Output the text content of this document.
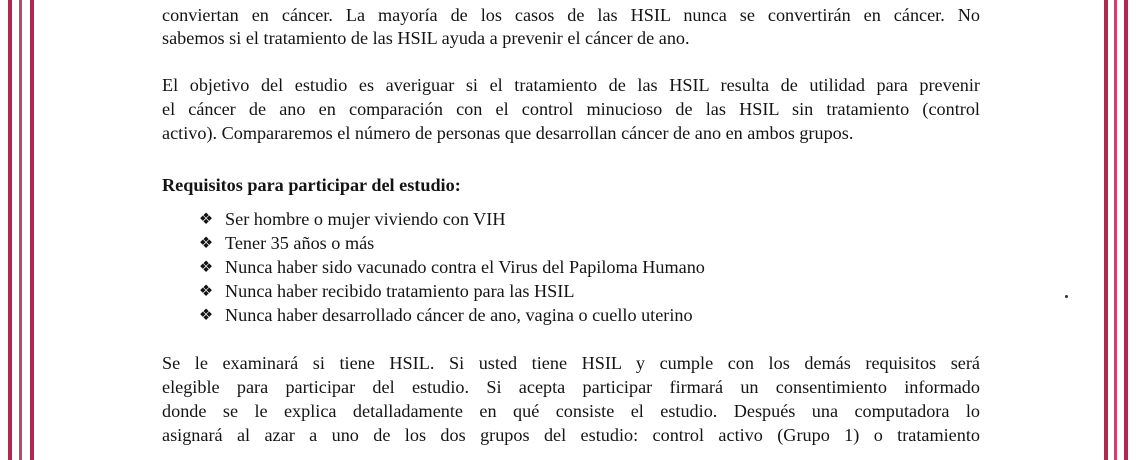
conviertan en cáncer. La mayoría de los casos de las HSIL nunca se convertirán en cáncer. No
sabemos si el tratamiento de las HSIL ayuda a prevenir el cáncer de ano.
El objetivo del estudio es averiguar si el tratamiento de las HSIL resulta de utilidad para prevenir
el cáncer de ano en comparación con el control minucioso de las HSIL sin tratamiento (control
activo). Compararemos el número de personas que desarrollan cáncer de ano en ambos grupos.
Requisitos para participar del estudio:
❖ Ser hombre o mujer viviendo con VIH
❖ Tener 35 años o más
❖ Nunca haber sido vacunado contra el Virus del Papiloma Humano
❖ Nunca haber recibido tratamiento para las HSIL
❖ Nunca haber desarrollado cáncer de ano, vagina o cuello uterino
Se le examinará si tiene HSIL. Si usted tiene HSIL y cumple con los demás requisitos será
elegible para participar del estudio. Si acepta participar firmará un consentimiento informado
donde se le explica detalladamente en qué consiste el estudio. Después una computadora lo
asignará al azar a uno de los dos grupos del estudio: control activo (Grupo 1) o tratamiento
